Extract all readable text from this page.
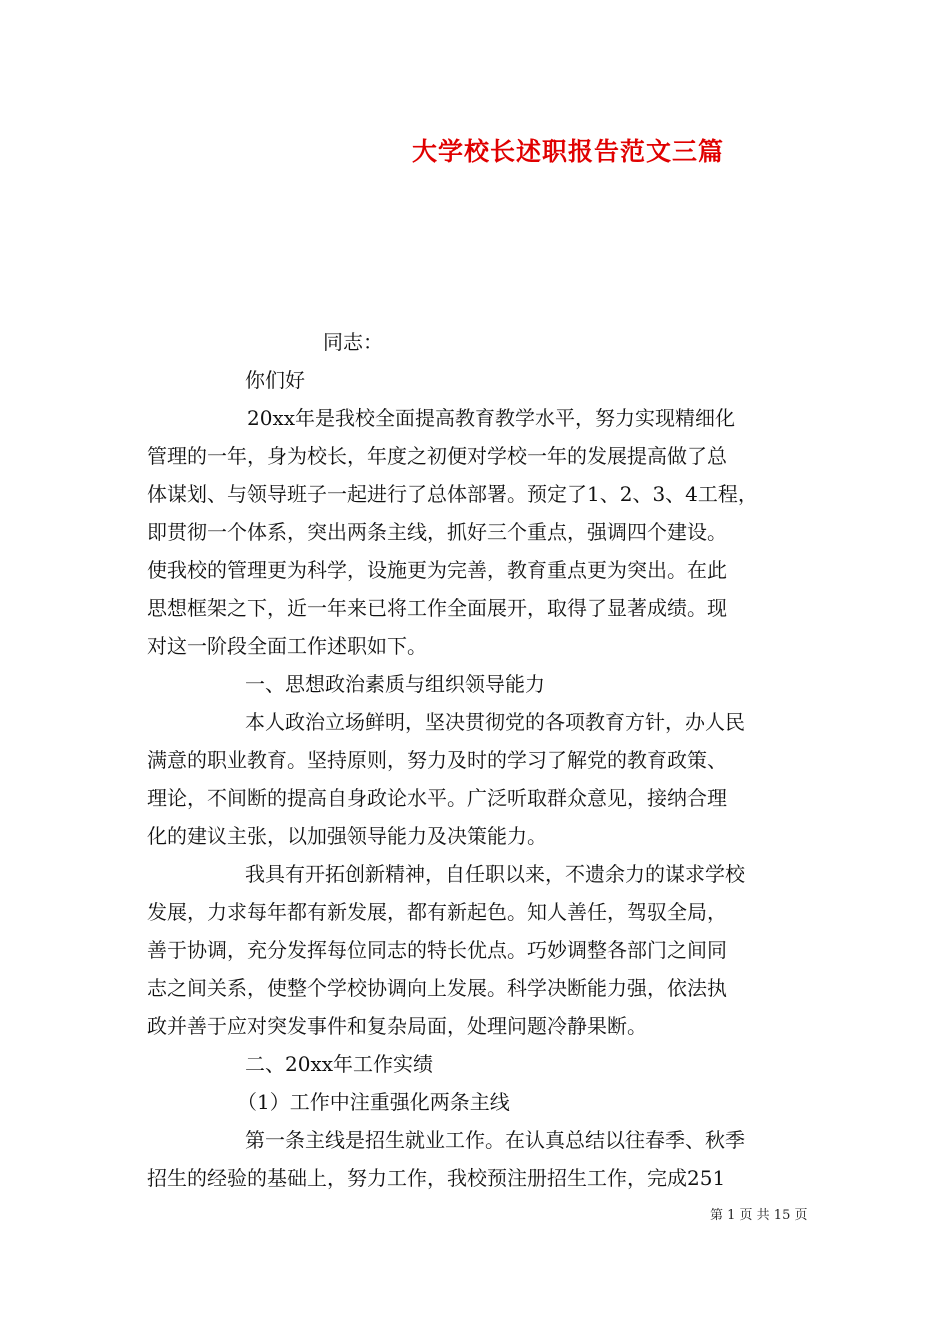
大学校长述职报告范文三篇
同志：
你们好
20xx年是我校全面提高教育教学水平，努力实现精细化
管理的一年，身为校长，年度之初便对学校一年的发展提高做了总
体谋划、与领导班子一起进行了总体部署。预定了1、2、3、4工程，
即贯彻一个体系，突出两条主线，抓好三个重点，强调四个建设。
使我校的管理更为科学，设施更为完善，教育重点更为突出。在此
思想框架之下，近一年来已将工作全面展开，取得了显著成绩。现
对这一阶段全面工作述职如下。
一、思想政治素质与组织领导能力
本人政治立场鲜明，坚决贯彻党的各项教育方针，办人民
满意的职业教育。坚持原则，努力及时的学习了解党的教育政策、
理论，不间断的提高自身政论水平。广泛听取群众意见，接纳合理
化的建议主张，以加强领导能力及决策能力。
我具有开拓创新精神，自任职以来，不遗余力的谋求学校
发展，力求每年都有新发展，都有新起色。知人善任，驾驭全局，
善于协调，充分发挥每位同志的特长优点。巧妙调整各部门之间同
志之间关系，使整个学校协调向上发展。科学决断能力强，依法执
政并善于应对突发事件和复杂局面，处理问题冷静果断。
二、20xx年工作实绩
（1）工作中注重强化两条主线
第一条主线是招生就业工作。在认真总结以往春季、秋季
招生的经验的基础上，努力工作，我校预注册招生工作，完成251
第 1 页 共 15 页
